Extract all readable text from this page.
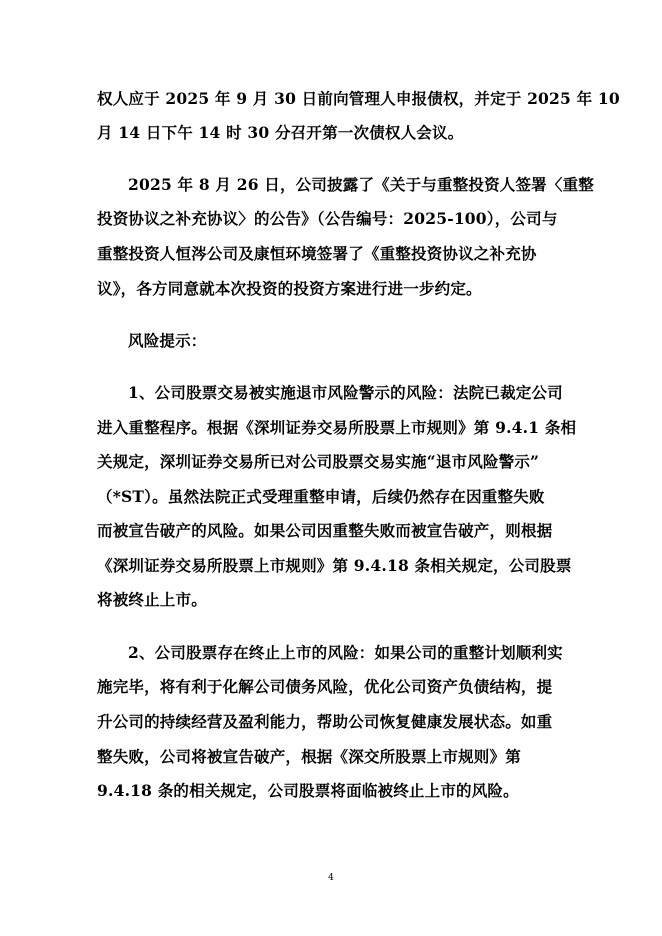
权人应于 2025 年 9 月 30 日前向管理人申报债权，并定于 2025 年 10
月 14 日下午 14 时 30 分召开第一次债权人会议。
2025 年 8 月 26 日，公司披露了《关于与重整投资人签署〈重整
投资协议之补充协议〉的公告》（公告编号：2025-100），公司与
重整投资人恒涔公司及康恒环境签署了《重整投资协议之补充协
议》，各方同意就本次投资的投资方案进行进一步约定。
风险提示：
1、公司股票交易被实施退市风险警示的风险：法院已裁定公司
进入重整程序。根据《深圳证券交易所股票上市规则》第 9.4.1 条相
关规定，深圳证券交易所已对公司股票交易实施“退市风险警示”
（*ST）。虽然法院正式受理重整申请，后续仍然存在因重整失败
而被宣告破产的风险。如果公司因重整失败而被宣告破产，则根据
《深圳证券交易所股票上市规则》第 9.4.18 条相关规定，公司股票
将被终止上市。
2、公司股票存在终止上市的风险：如果公司的重整计划顺利实
施完毕，将有利于化解公司债务风险，优化公司资产负债结构，提
升公司的持续经营及盈利能力，帮助公司恢复健康发展状态。如重
整失败，公司将被宣告破产，根据《深交所股票上市规则》第
9.4.18 条的相关规定，公司股票将面临被终止上市的风险。
4
